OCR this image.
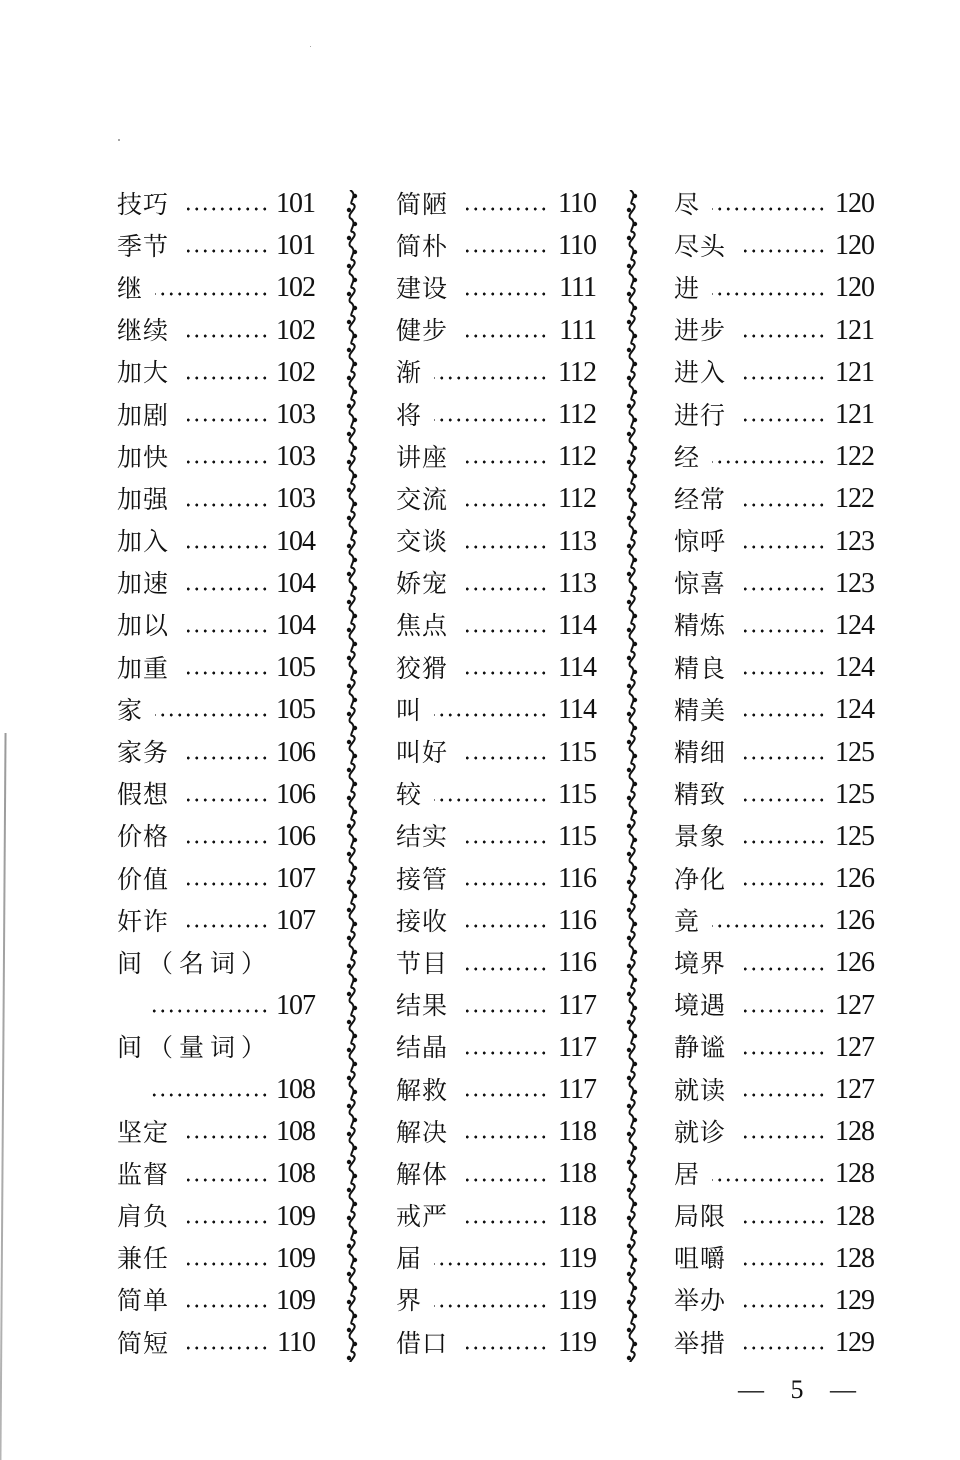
技巧	101
季节	101
继	102
继续	102
加大	102
加剧	103
加快	103
加强	103
加入	104
加速	104
加以	104
加重	105
家	105
家务	106
假想	106
价格	106
价值	107
奸诈	107
间（名词）
107
间（量词）
108
坚定	108
监督	108
肩负	109
兼任	109
简单	109
简短	110
简陋	110
简朴	110
建设	111
健步	111
渐	112
将	112
讲座	112
交流	112
交谈	113
娇宠	113
焦点	114
狡猾	114
叫	114
叫好	115
较	115
结实	115
接管	116
接收	116
节目	116
结果	117
结晶	117
解救	117
解决	118
解体	118
戒严	118
届	119
界	119
借口	119
尽	120
尽头	120
进	120
进步	121
进入	121
进行	121
经	122
经常	122
惊呼	123
惊喜	123
精炼	124
精良	124
精美	124
精细	125
精致	125
景象	125
净化	126
竟	126
境界	126
境遇	127
静谧	127
就读	127
就诊	128
居	128
局限	128
咀嚼	128
举办	129
举措	129
— 5 —
